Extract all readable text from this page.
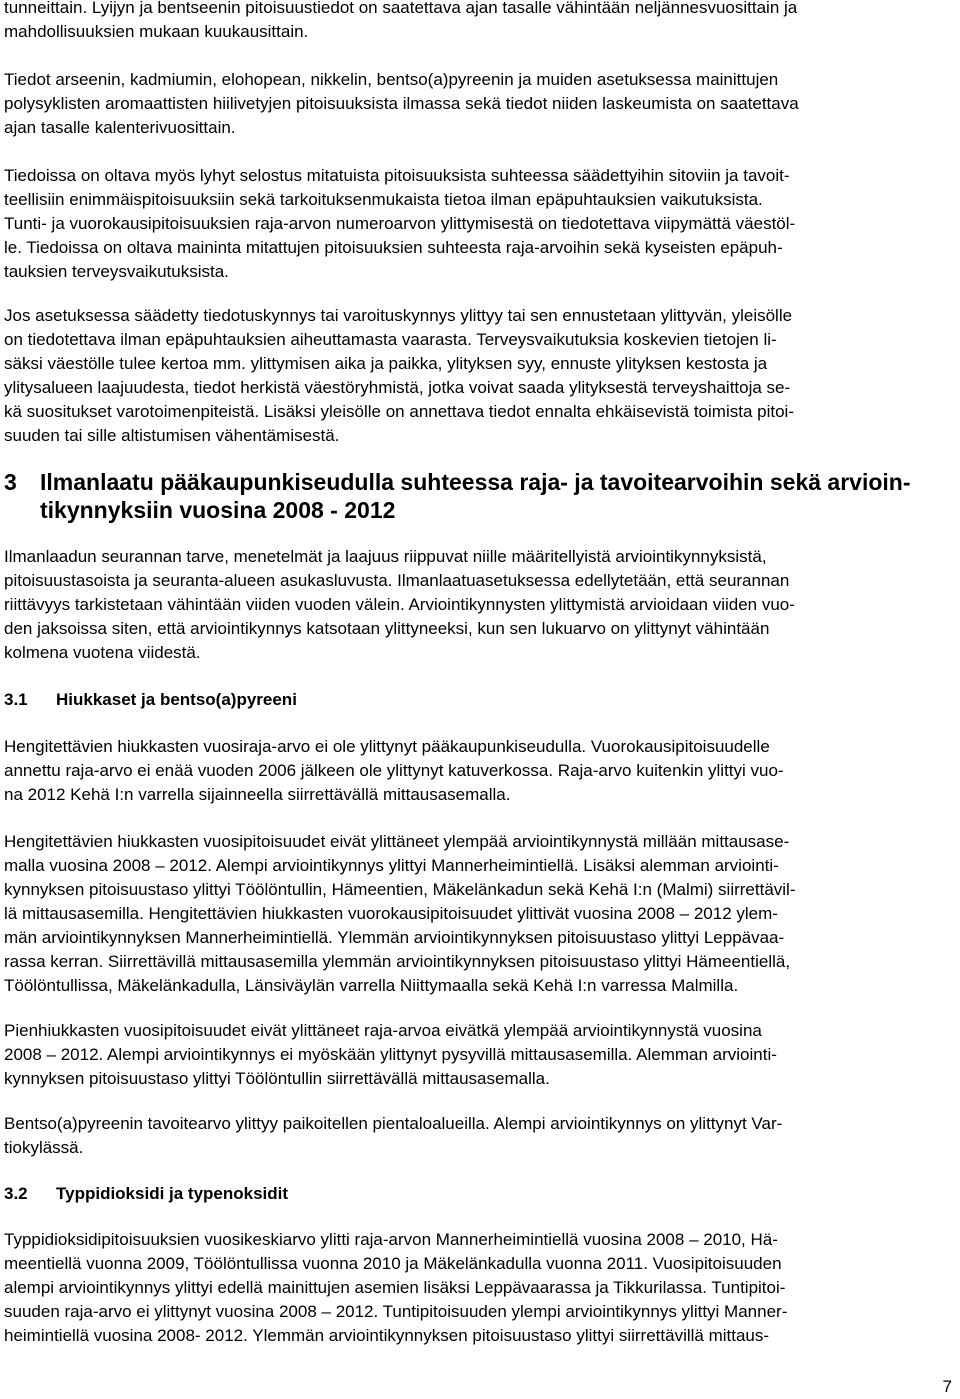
tunneittain. Lyijyn ja bentseenin pitoisuustiedot on saatettava ajan tasalle vähintään neljännesvuosittain ja
mahdollisuuksien mukaan kuukausittain.
Tiedot arseenin, kadmiumin, elohopean, nikkelin, bentso(a)pyreenin ja muiden asetuksessa mainittujen
polysyklisten aromaattisten hiilivetyjen pitoisuuksista ilmassa sekä tiedot niiden laskeumista on saatettava
ajan tasalle kalenterivuosittain.
Tiedoissa on oltava myös lyhyt selostus mitatuista pitoisuuksista suhteessa säädettyihin sitoviin ja tavoit-
teellisiin enimmäispitoisuuksiin sekä tarkoituksenmukaista tietoa ilman epäpuhtauksien vaikutuksista.
Tunti- ja vuorokausipitoisuuksien raja-arvon numeroarvon ylittymisestä on tiedotettava viipymättä väestöl-
le. Tiedoissa on oltava maininta mitattujen pitoisuuksien suhteesta raja-arvoihin sekä kyseisten epäpuh-
tauksien terveysvaikutuksista.
Jos asetuksessa säädetty tiedotuskynnys tai varoituskynnys ylittyy tai sen ennustetaan ylittyvän, yleisölle
on tiedotettava ilman epäpuhtauksien aiheuttamasta vaarasta. Terveysvaikutuksia koskevien tietojen li-
säksi väestölle tulee kertoa mm. ylittymisen aika ja paikka, ylityksen syy, ennuste ylityksen kestosta ja
ylitysalueen laajuudesta, tiedot herkistä väestöryhmistä, jotka voivat saada ylityksestä terveyshaittoja se-
kä suositukset varotoimenpiteistä. Lisäksi yleisölle on annettava tiedot ennalta ehkäisevistä toimista pitoi-
suuden tai sille altistumisen vähentämisestä.
3 Ilmanlaatu pääkaupunkiseudulla suhteessa raja- ja tavoitearvoihin sekä arvioin-
tikynnyksiin vuosina 2008 - 2012
Ilmanlaadun seurannan tarve, menetelmät ja laajuus riippuvat niille määritellyistä arviointikynnyksistä,
pitoisuustasoista ja seuranta-alueen asukasluvusta. Ilmanlaatuasetuksessa edellytetään, että seurannan
riittävyys tarkistetaan vähintään viiden vuoden välein. Arviointikynnysten ylittymistä arvioidaan viiden vuo-
den jaksoissa siten, että arviointikynnys katsotaan ylittyneeksi, kun sen lukuarvo on ylittynyt vähintään
kolmena vuotena viidestä.
3.1 Hiukkaset ja bentso(a)pyreeni
Hengitettävien hiukkasten vuosiraja-arvo ei ole ylittynyt pääkaupunkiseudulla. Vuorokausipitoisuudelle
annettu raja-arvo ei enää vuoden 2006 jälkeen ole ylittynyt katuverkossa. Raja-arvo kuitenkin ylittyi vuo-
na 2012 Kehä I:n varrella sijainneella siirrettävällä mittausasemalla.
Hengitettävien hiukkasten vuosipitoisuudet eivät ylittäneet ylempää arviointikynnystä millään mittausase-
malla vuosina 2008 – 2012. Alempi arviointikynnys ylittyi Mannerheimintiellä. Lisäksi alemman arviointi-
kynnyksen pitoisuustaso ylittyi Töölöntullin, Hämeentien, Mäkelänkadun sekä Kehä I:n (Malmi) siirrettävil-
lä mittausasemilla. Hengitettävien hiukkasten vuorokausipitoisuudet ylittivät vuosina 2008 – 2012 ylem-
män arviointikynnyksen Mannerheimintiellä. Ylemmän arviointikynnyksen pitoisuustaso ylittyi Leppävaa-
rassa kerran. Siirrettävillä mittausasemilla ylemmän arviointikynnyksen pitoisuustaso ylittyi Hämeentiellä,
Töölöntullissa, Mäkelänkadulla, Länsiväylän varrella Niittymaalla sekä Kehä I:n varressa Malmilla.
Pienhiukkasten vuosipitoisuudet eivät ylittäneet raja-arvoa eivätkä ylempää arviointikynnystä vuosina
2008 – 2012. Alempi arviointikynnys ei myöskään ylittynyt pysyvillä mittausasemilla. Alemman arviointi-
kynnyksen pitoisuustaso ylittyi Töölöntullin siirrettävällä mittausasemalla.
Bentso(a)pyreenin tavoitearvo ylittyy paikoitellen pientaloalueilla. Alempi arviointikynnys on ylittynyt Var-
tiokylässä.
3.2 Typpidioksidi ja typenoksidit
Typpidioksidipitoisuuksien vuosikeskiarvo ylitti raja-arvon Mannerheimintiellä vuosina 2008 – 2010, Hä-
meentiellä vuonna 2009, Töölöntullissa vuonna 2010 ja Mäkelänkadulla vuonna 2011. Vuosipitoisuuden
alempi arviointikynnys ylittyi edellä mainittujen asemien lisäksi Leppävaarassa ja Tikkurilassa. Tuntipitoi-
suuden raja-arvo ei ylittynyt vuosina 2008 – 2012. Tuntipitoisuuden ylempi arviointikynnys ylittyi Manner-
heimintiellä vuosina 2008- 2012. Ylemmän arviointikynnyksen pitoisuustaso ylittyi siirrettävillä mittaus-
7
